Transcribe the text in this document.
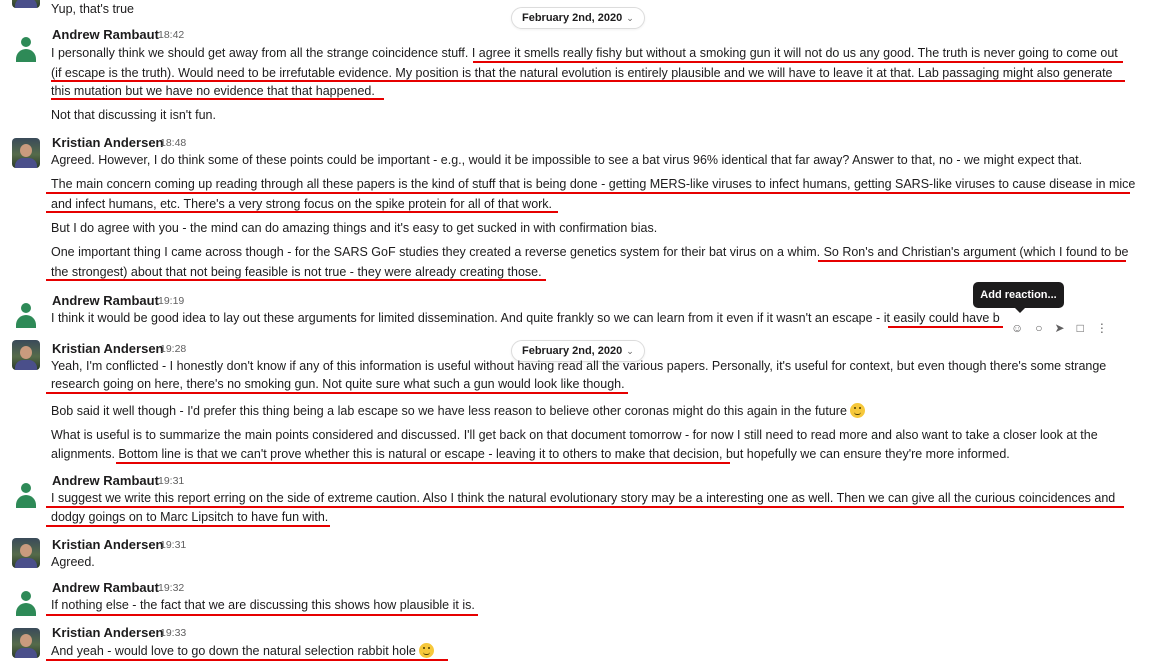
Yup, that's true
February 2nd, 2020 ⌄
Andrew Rambaut 18:42
I personally think we should get away from all the strange coincidence stuff. I agree it smells really fishy but without a smoking gun it will not do us any good. The truth is never going to come out
(if escape is the truth). Would need to be irrefutable evidence. My position is that the natural evolution is entirely plausible and we will have to leave it at that. Lab passaging might also generate
this mutation but we have no evidence that that happened.
Not that discussing it isn't fun.
Kristian Andersen
18:48
Agreed. However, I do think some of these points could be important - e.g., would it be impossible to see a bat virus 96% identical that far away? Answer to that, no - we might expect that.
The main concern coming up reading through all these papers is the kind of stuff that is being done - getting MERS-like viruses to infect humans, getting SARS-like viruses to cause disease in mice
and infect humans, etc. There's a very strong focus on the spike protein for all of that work.
But I do agree with you - the mind can do amazing things and it's easy to get sucked in with confirmation bias.
One important thing I came across though - for the SARS GoF studies they created a reverse genetics system for their bat virus on a whim. So Ron's and Christian's argument (which I found to be
the strongest) about that not being feasible is not true - they were already creating those.
Andrew Rambaut 19:19
I think it would be good idea to lay out these arguments for limited dissemination. And quite frankly so we can learn from it even if it wasn't an escape - it easily could have b
☺ ○ ➤ □ ⋮
Add reaction...
February 2nd, 2020 ⌄
Kristian Andersen
19:28
Yeah, I'm conflicted - I honestly don't know if any of this information is useful without having read all the various papers. Personally, it's useful for context, but even though there's some strange
research going on here, there's no smoking gun. Not quite sure what such a gun would look like though.
Bob said it well though - I'd prefer this thing being a lab escape so we have less reason to believe other coronas might do this again in the future
What is useful is to summarize the main points considered and discussed. I'll get back on that document tomorrow - for now I still need to read more and also want to take a closer look at the
alignments. Bottom line is that we can't prove whether this is natural or escape - leaving it to others to make that decision, but hopefully we can ensure they're more informed.
Andrew Rambaut 19:31
I suggest we write this report erring on the side of extreme caution. Also I think the natural evolutionary story may be a interesting one as well. Then we can give all the curious coincidences and
dodgy goings on to Marc Lipsitch to have fun with.
Kristian Andersen
19:31
Agreed.
Andrew Rambaut 19:32
If nothing else - the fact that we are discussing this shows how plausible it is.
Kristian Andersen
19:33
And yeah - would love to go down the natural selection rabbit hole
